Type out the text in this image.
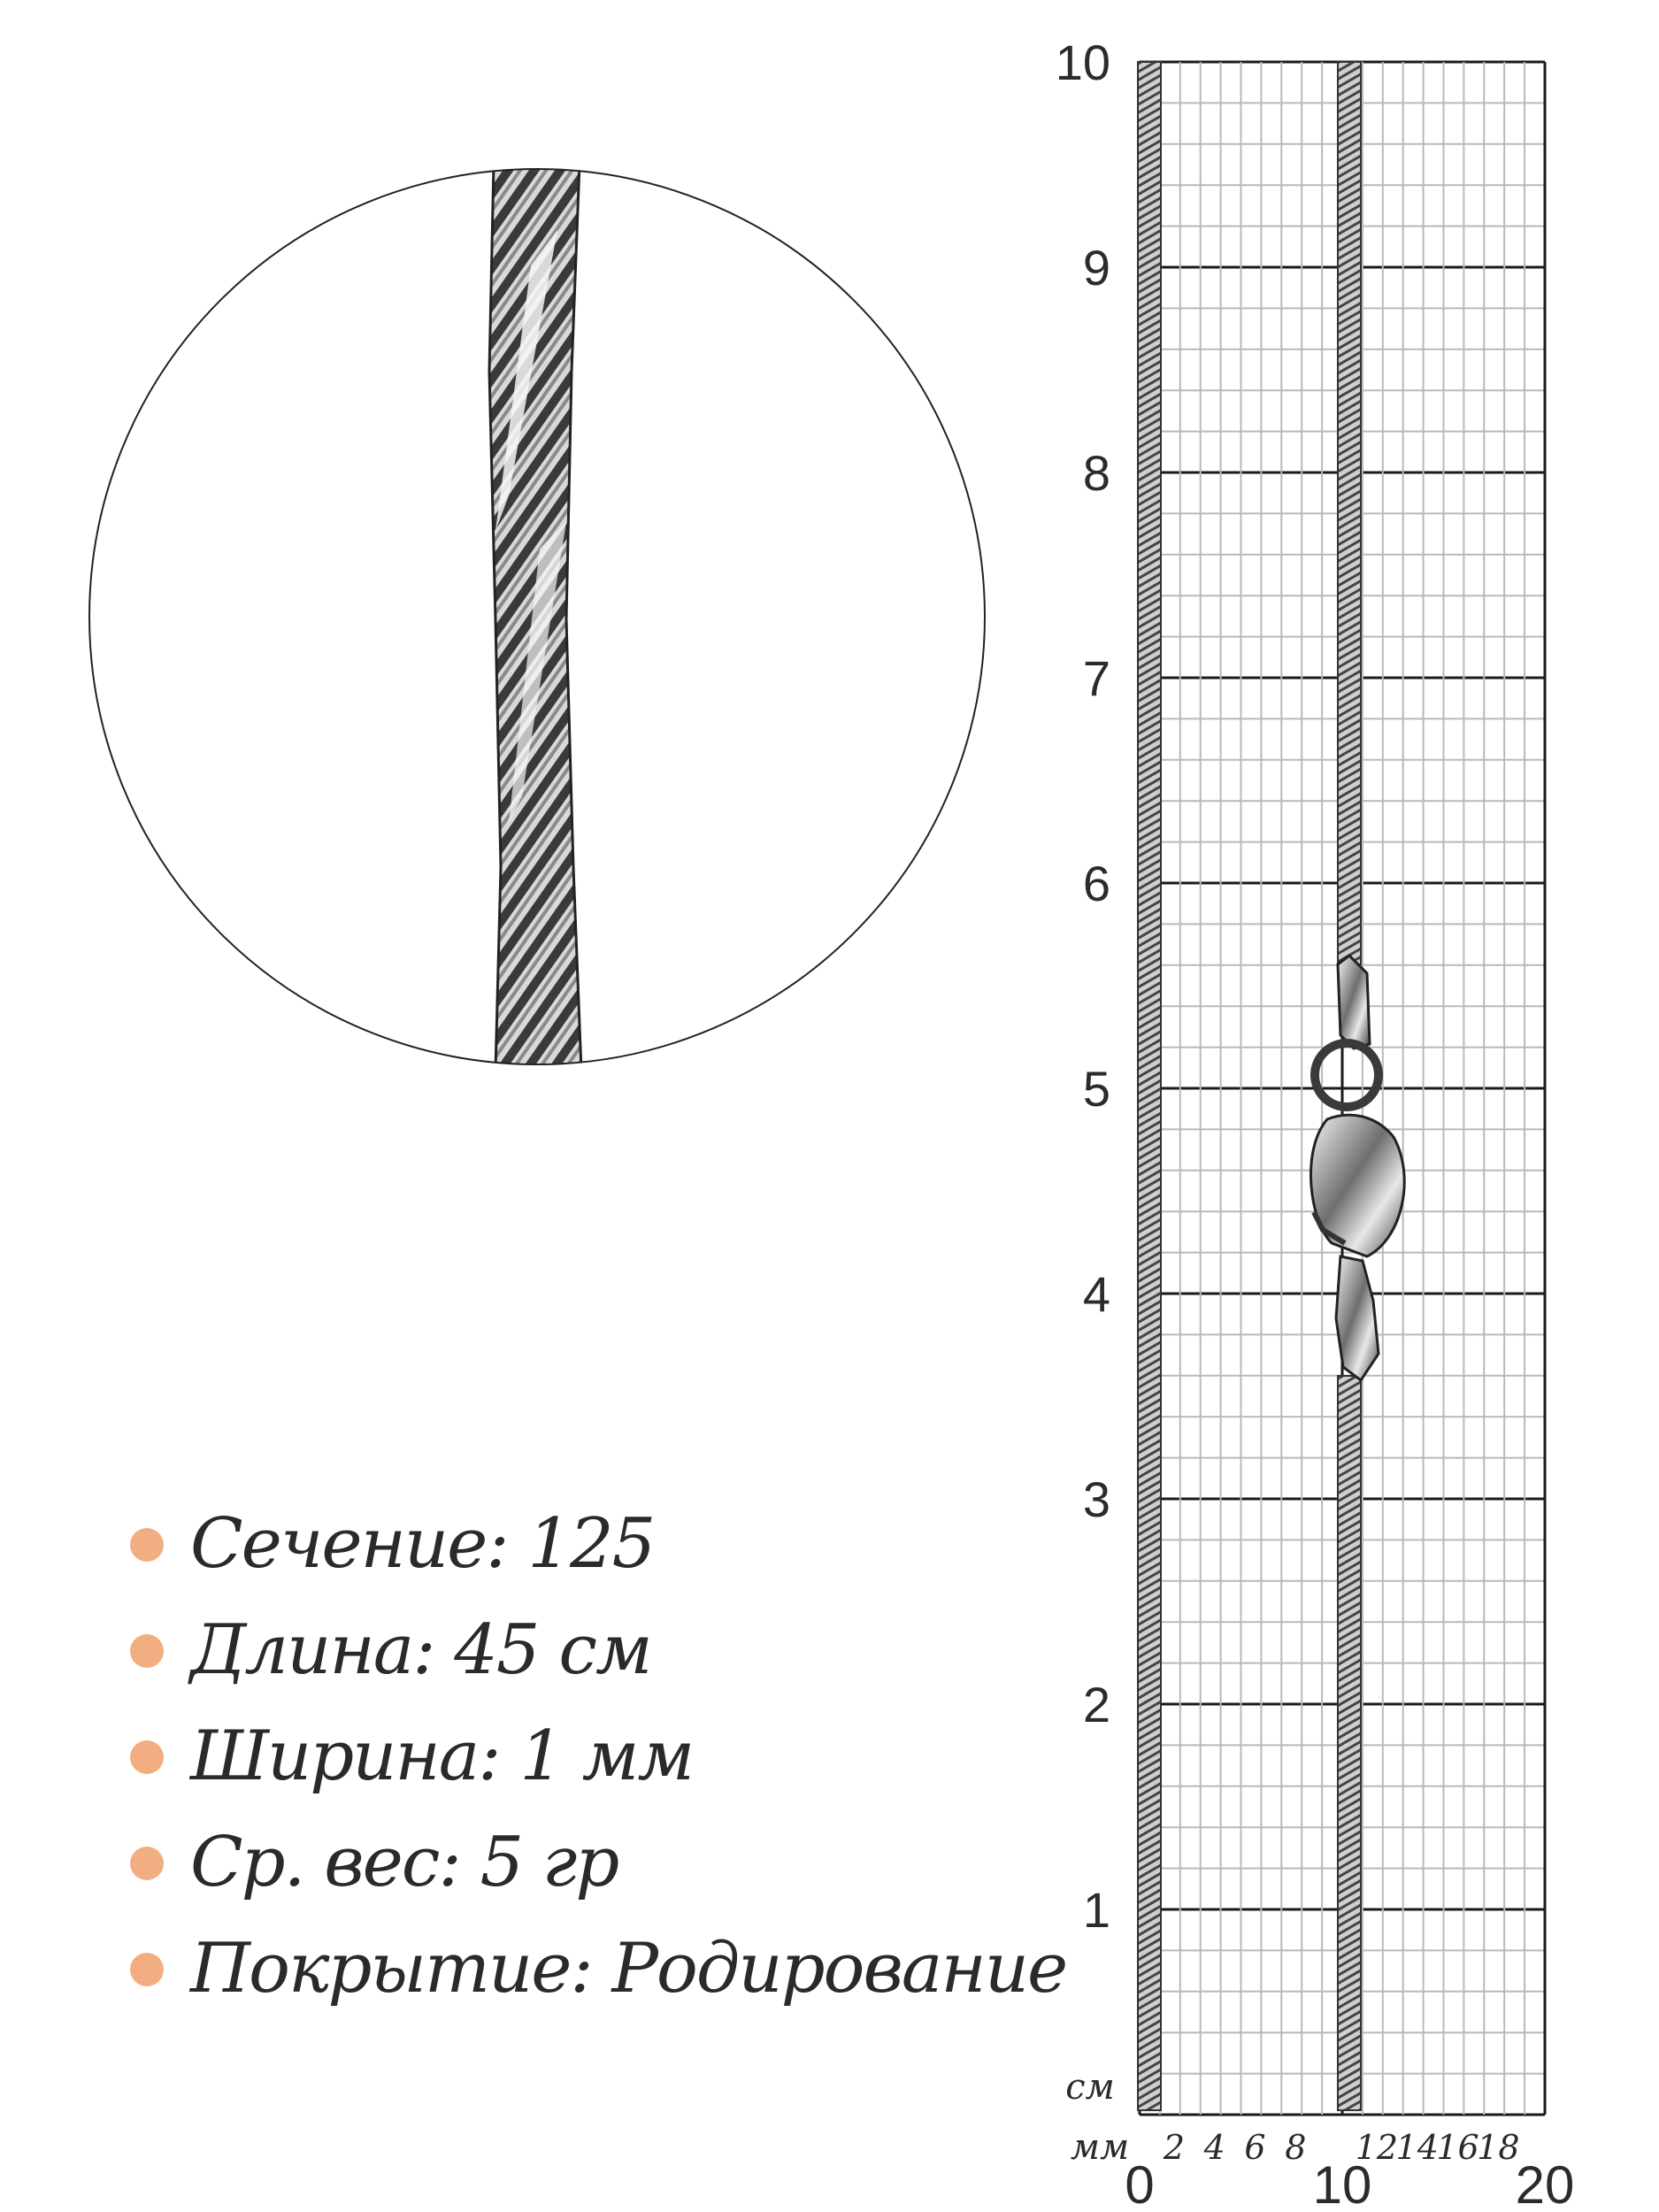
1
2
3
4
5
6
7
8
9
10
см
мм 2 4 6 8 12
14
16
18
0	10	20
Сечение: 125
Длина: 45 см
Ширина: 1 мм
Ср. вес: 5 гр
Покрытие: Родирование
